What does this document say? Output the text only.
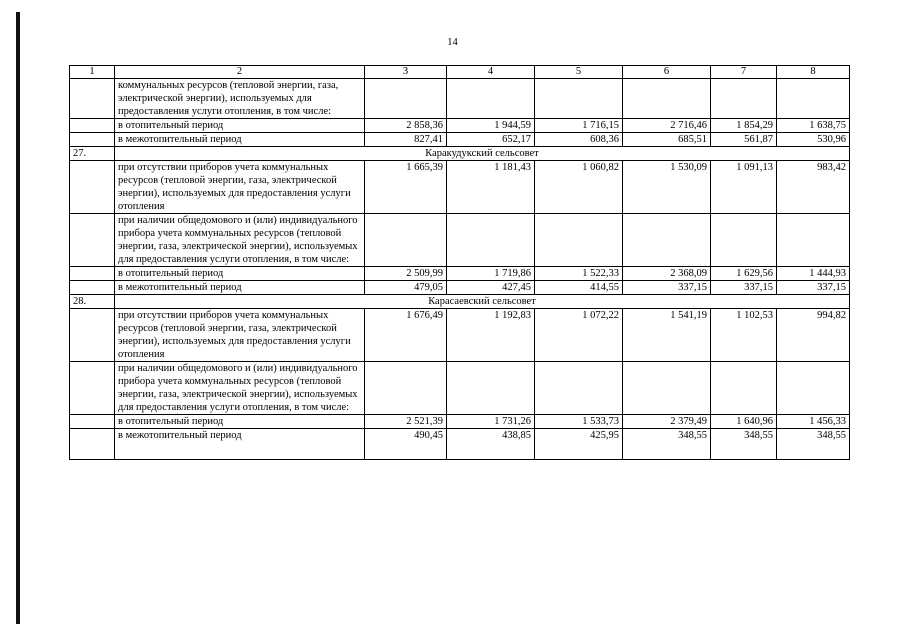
14
1	2	3	4	5	6	7	8
	коммунальных ресурсов (тепловой энергии, газа, электрической энергии), используемых для предоставления услуги отопления, в том числе:						
	в отопительный период	2 858,36	1 944,59	1 716,15	2 716,46	1 854,29	1 638,75
	в межотопительный период	827,41	652,17	608,36	685,51	561,87	530,96
27.	Каракудукский сельсовет						
	при отсутствии приборов учета коммунальных ресурсов (тепловой энергии, газа, электрической энергии), используемых для предоставления услуги отопления	1 665,39	1 181,43	1 060,82	1 530,09	1 091,13	983,42
	при наличии общедомового и (или) индивидуального прибора учета коммунальных ресурсов (тепловой энергии, газа, электрической энергии), используемых для предоставления услуги отопления, в том числе:						
	в отопительный период	2 509,99	1 719,86	1 522,33	2 368,09	1 629,56	1 444,93
	в межотопительный период	479,05	427,45	414,55	337,15	337,15	337,15
28.	Карасаевский сельсовет						
	при отсутствии приборов учета коммунальных ресурсов (тепловой энергии, газа, электрической энергии), используемых для предоставления услуги отопления	1 676,49	1 192,83	1 072,22	1 541,19	1 102,53	994,82
	при наличии общедомового и (или) индивидуального прибора учета коммунальных ресурсов (тепловой энергии, газа, электрической энергии), используемых для предоставления услуги отопления, в том числе:						
	в отопительный период	2 521,39	1 731,26	1 533,73	2 379,49	1 640,96	1 456,33
	в межотопительный период	490,45	438,85	425,95	348,55	348,55	348,55
